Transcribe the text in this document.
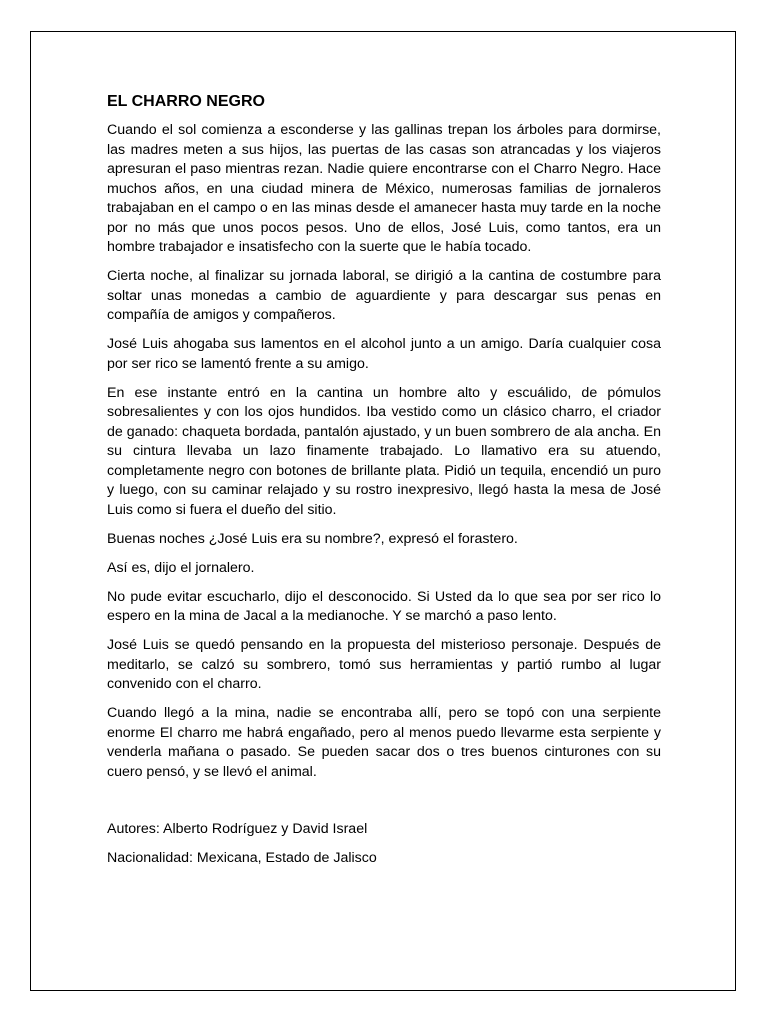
EL CHARRO NEGRO

Cuando el sol comienza a esconderse y las gallinas trepan los árboles para dormirse, las madres meten a sus hijos, las puertas de las casas son atrancadas y los viajeros apresuran el paso mientras rezan. Nadie quiere encontrarse con el Charro Negro. Hace muchos años, en una ciudad minera de México, numerosas familias de jornaleros trabajaban en el campo o en las minas desde el amanecer hasta muy tarde en la noche por no más que unos pocos pesos. Uno de ellos, José Luis, como tantos, era un hombre trabajador e insatisfecho con la suerte que le había tocado.

Cierta noche, al finalizar su jornada laboral, se dirigió a la cantina de costumbre para soltar unas monedas a cambio de aguardiente y para descargar sus penas en compañía de amigos y compañeros.

José Luis ahogaba sus lamentos en el alcohol junto a un amigo. Daría cualquier cosa por ser rico se lamentó frente a su amigo.

En ese instante entró en la cantina un hombre alto y escuálido, de pómulos sobresalientes y con los ojos hundidos. Iba vestido como un clásico charro, el criador de ganado: chaqueta bordada, pantalón ajustado, y un buen sombrero de ala ancha. En su cintura llevaba un lazo finamente trabajado. Lo llamativo era su atuendo, completamente negro con botones de brillante plata. Pidió un tequila, encendió un puro y luego, con su caminar relajado y su rostro inexpresivo, llegó hasta la mesa de José Luis como si fuera el dueño del sitio.

Buenas noches ¿José Luis era su nombre?, expresó el forastero.

Así es, dijo el jornalero.

No pude evitar escucharlo, dijo el desconocido. Si Usted da lo que sea por ser rico lo espero en la mina de Jacal a la medianoche. Y se marchó a paso lento.

José Luis se quedó pensando en la propuesta del misterioso personaje. Después de meditarlo, se calzó su sombrero, tomó sus herramientas y partió rumbo al lugar convenido con el charro.

Cuando llegó a la mina, nadie se encontraba allí, pero se topó con una serpiente enorme El charro me habrá engañado, pero al menos puedo llevarme esta serpiente y venderla mañana o pasado. Se pueden sacar dos o tres buenos cinturones con su cuero pensó, y se llevó el animal.

Autores: Alberto Rodríguez y David Israel

Nacionalidad: Mexicana, Estado de Jalisco
